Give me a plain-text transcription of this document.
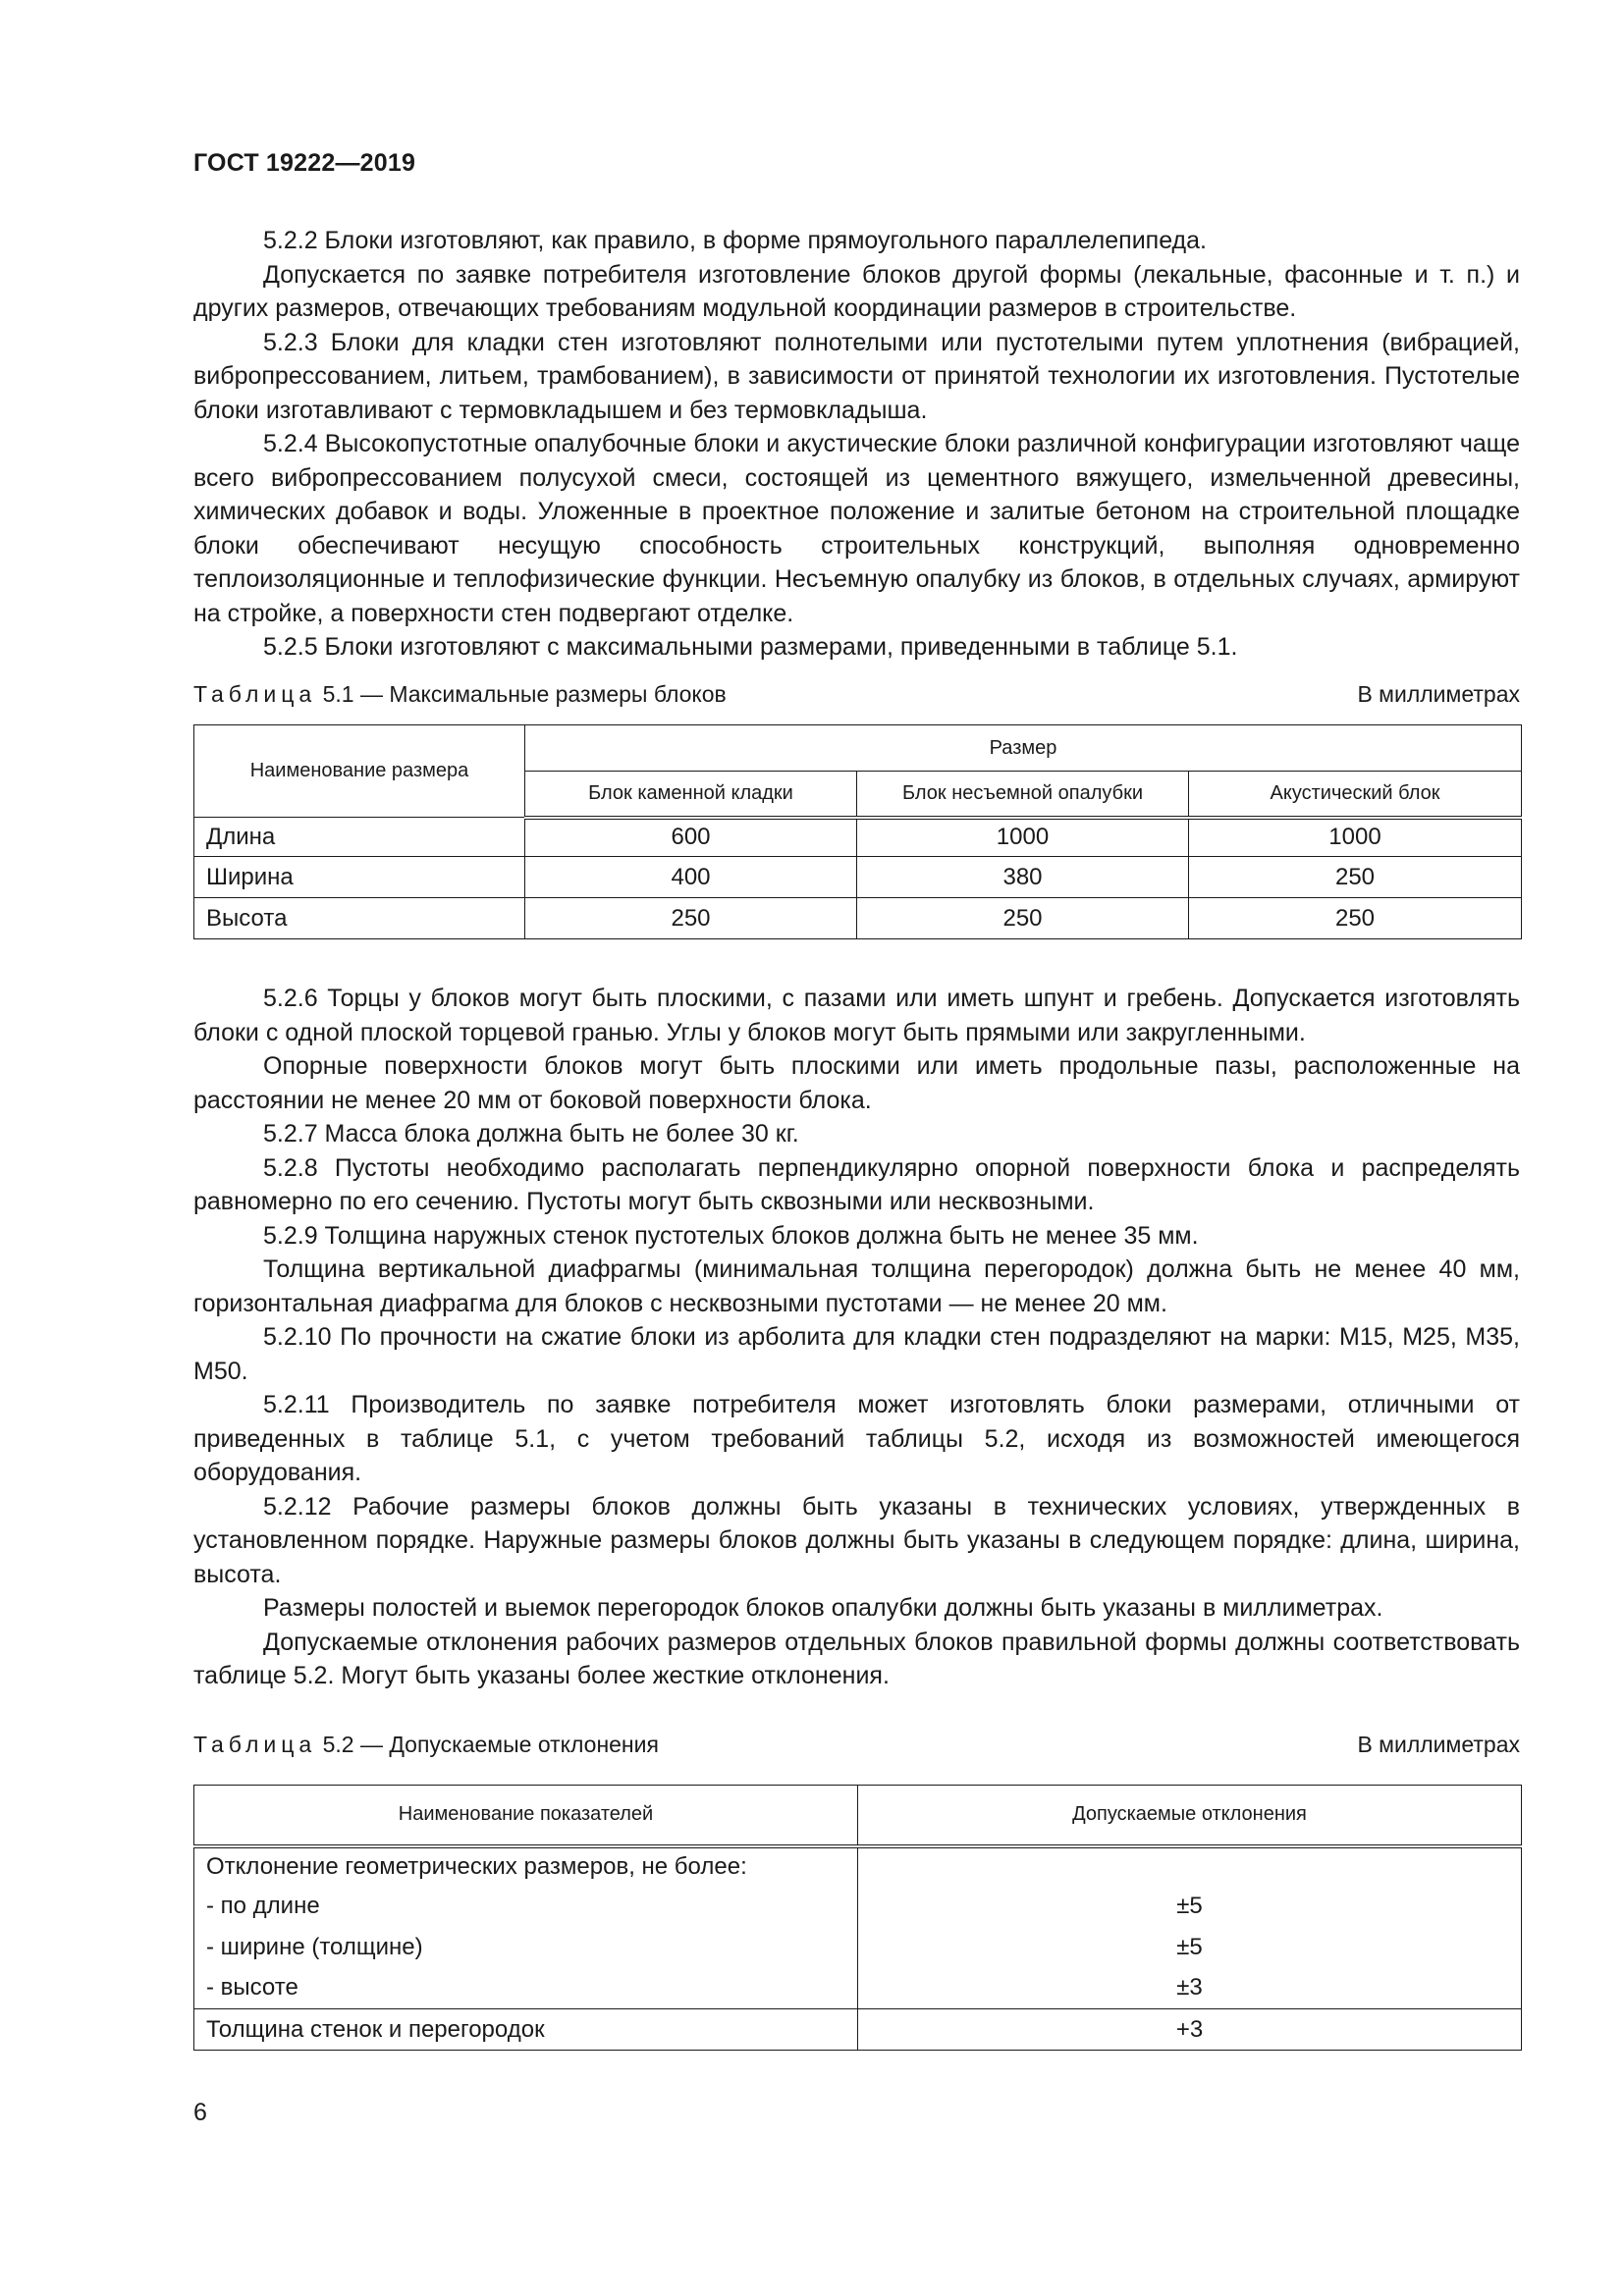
ГОСТ 19222—2019

5.2.2 Блоки изготовляют, как правило, в форме прямоугольного параллелепипеда.

Допускается по заявке потребителя изготовление блоков другой формы (лекальные, фасонные и т. п.) и других размеров, отвечающих требованиям модульной координации размеров в строительстве.

5.2.3 Блоки для кладки стен изготовляют полнотелыми или пустотелыми путем уплотнения (вибрацией, вибропрессованием, литьем, трамбованием), в зависимости от принятой технологии их изготовления. Пустотелые блоки изготавливают с термовкладышем и без термовкладыша.

5.2.4 Высокопустотные опалубочные блоки и акустические блоки различной конфигурации изготовляют чаще всего вибропрессованием полусухой смеси, состоящей из цементного вяжущего, измельченной древесины, химических добавок и воды. Уложенные в проектное положение и залитые бетоном на строительной площадке блоки обеспечивают несущую способность строительных конструкций, выполняя одновременно теплоизоляционные и теплофизические функции. Несъемную опалубку из блоков, в отдельных случаях, армируют на стройке, а поверхности стен подвергают отделке.

5.2.5 Блоки изготовляют с максимальными размерами, приведенными в таблице 5.1.

Таблица 5.1 — Максимальные размеры блоков	В миллиметрах
Наименование размера	Размер		
	Блок каменной кладки	Блок несъемной опалубки	Акустический блок
Длина	600	1000	1000
Ширина	400	380	250
Высота	250	250	250

5.2.6 Торцы у блоков могут быть плоскими, с пазами или иметь шпунт и гребень. Допускается изготовлять блоки с одной плоской торцевой гранью. Углы у блоков могут быть прямыми или закругленными.

Опорные поверхности блоков могут быть плоскими или иметь продольные пазы, расположенные на расстоянии не менее 20 мм от боковой поверхности блока.

5.2.7 Масса блока должна быть не более 30 кг.

5.2.8 Пустоты необходимо располагать перпендикулярно опорной поверхности блока и распределять равномерно по его сечению. Пустоты могут быть сквозными или несквозными.

5.2.9 Толщина наружных стенок пустотелых блоков должна быть не менее 35 мм.

Толщина вертикальной диафрагмы (минимальная толщина перегородок) должна быть не менее 40 мм, горизонтальная диафрагма для блоков с несквозными пустотами — не менее 20 мм.

5.2.10 По прочности на сжатие блоки из арболита для кладки стен подразделяют на марки: М15, М25, М35, М50.

5.2.11 Производитель по заявке потребителя может изготовлять блоки размерами, отличными от приведенных в таблице 5.1, с учетом требований таблицы 5.2, исходя из возможностей имеющегося оборудования.

5.2.12 Рабочие размеры блоков должны быть указаны в технических условиях, утвержденных в установленном порядке. Наружные размеры блоков должны быть указаны в следующем порядке: длина, ширина, высота.

Размеры полостей и выемок перегородок блоков опалубки должны быть указаны в миллиметрах.

Допускаемые отклонения рабочих размеров отдельных блоков правильной формы должны соответствовать таблице 5.2. Могут быть указаны более жесткие отклонения.

Таблица 5.2 — Допускаемые отклонения	В миллиметрах
Наименование показателей	Допускаемые отклонения
Отклонение геометрических размеров, не более:	
- по длине	±5
- ширине (толщине)	±5
- высоте	±3
Толщина стенок и перегородок	+3
6
